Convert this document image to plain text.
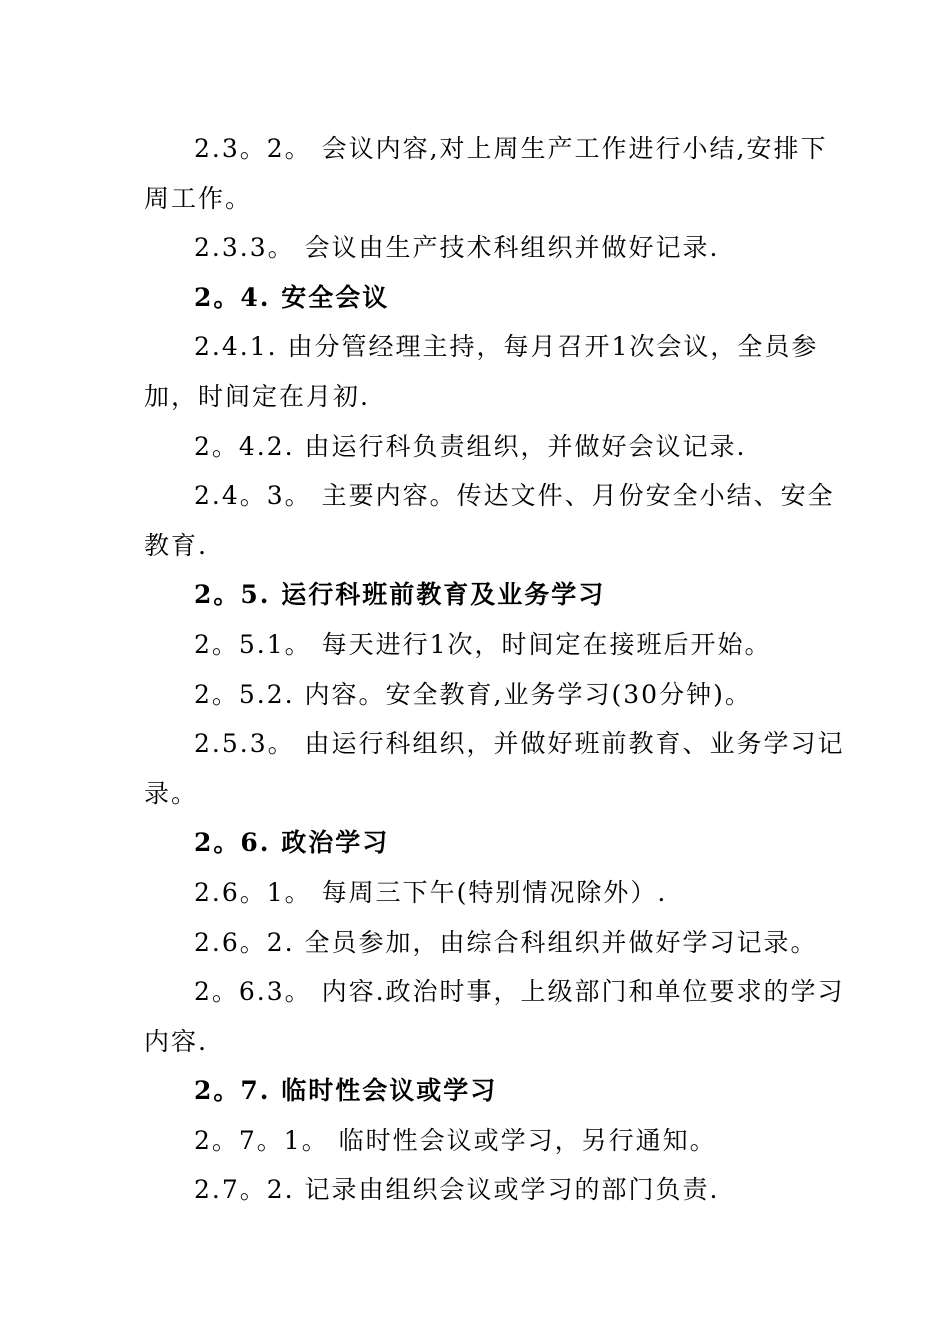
2.3。2。 会议内容,对上周生产工作进行小结,安排下
周工作。
2.3.3。 会议由生产技术科组织并做好记录.
2。4. 安全会议
2.4.1. 由分管经理主持，每月召开1次会议，全员参
加，时间定在月初.
2。4.2. 由运行科负责组织，并做好会议记录.
2.4。3。 主要内容。传达文件、月份安全小结、安全
教育.
2。5. 运行科班前教育及业务学习
2。5.1。 每天进行1次，时间定在接班后开始。
2。5.2. 内容。安全教育,业务学习(30分钟)。
2.5.3。 由运行科组织，并做好班前教育、业务学习记
录。
2。6. 政治学习
2.6。1。 每周三下午(特别情况除外）.
2.6。2. 全员参加，由综合科组织并做好学习记录。
2。6.3。 内容.政治时事，上级部门和单位要求的学习
内容.
2。7. 临时性会议或学习
2。7。1。 临时性会议或学习，另行通知。
2.7。2. 记录由组织会议或学习的部门负责.
